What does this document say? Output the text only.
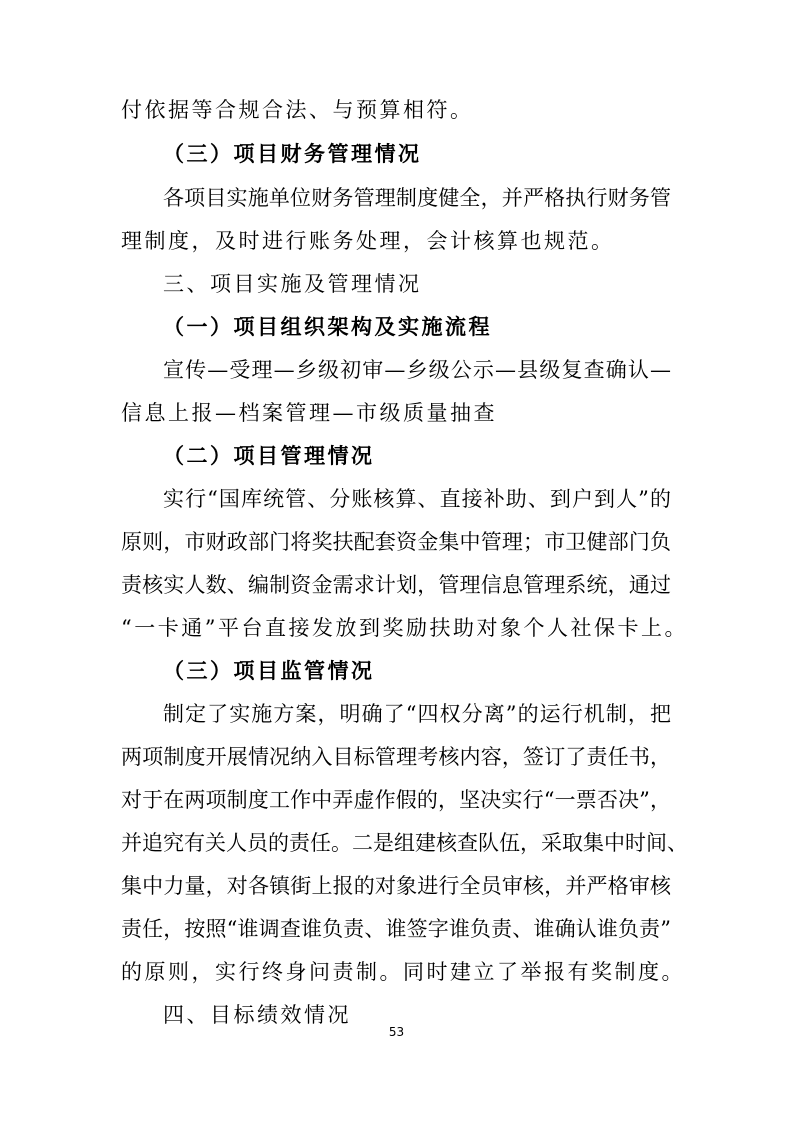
付依据等合规合法、与预算相符。
（三）项目财务管理情况
各项目实施单位财务管理制度健全，并严格执行财务管
理制度，及时进行账务处理，会计核算也规范。
三、项目实施及管理情况
（一）项目组织架构及实施流程
宣传—受理—乡级初审—乡级公示—县级复查确认—
信息上报—档案管理—市级质量抽查
（二）项目管理情况
实行“国库统管、分账核算、直接补助、到户到人”的
原则，市财政部门将奖扶配套资金集中管理；市卫健部门负
责核实人数、编制资金需求计划，管理信息管理系统，通过
“一卡通”平台直接发放到奖励扶助对象个人社保卡上。
（三）项目监管情况
制定了实施方案，明确了“四权分离”的运行机制，把
两项制度开展情况纳入目标管理考核内容，签订了责任书，
对于在两项制度工作中弄虚作假的，坚决实行“一票否决”，
并追究有关人员的责任。二是组建核查队伍，采取集中时间、
集中力量，对各镇街上报的对象进行全员审核，并严格审核
责任，按照“谁调查谁负责、谁签字谁负责、谁确认谁负责”
的原则，实行终身问责制。同时建立了举报有奖制度。
四、目标绩效情况
53
